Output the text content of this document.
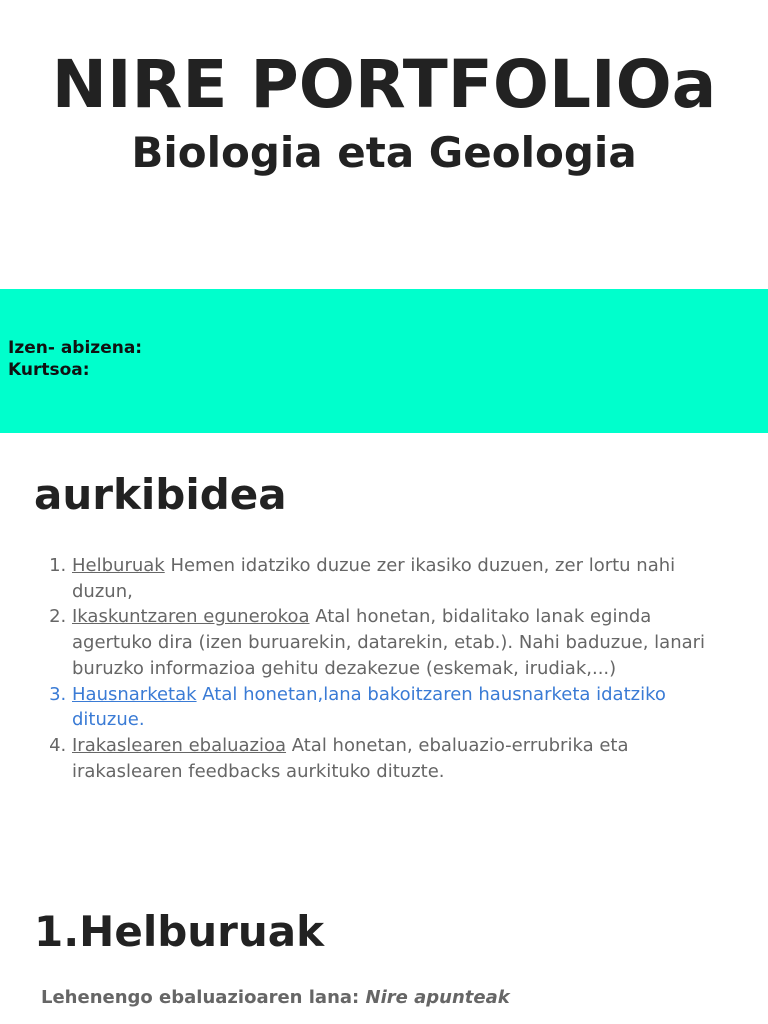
NIRE PORTFOLIOa
Biologia eta Geologia
Izen- abizena:
Kurtsoa:
aurkibidea
1. Helburuak Hemen idatziko duzue zer ikasiko duzuen, zer lortu nahi duzun,
2. Ikaskuntzaren egunerokoa Atal honetan, bidalitako lanak eginda agertuko dira (izen buruarekin, datarekin, etab.). Nahi baduzue, lanari buruzko informazioa gehitu dezakezue (eskemak, irudiak,...)
3. Hausnarketak Atal honetan,lana bakoitzaren hausnarketa idatziko dituzue.
4. Irakaslearen ebaluazioa Atal honetan, ebaluazio-errubrika eta irakaslearen feedbacks aurkituko dituzte.
1.Helburuak

Lehenengo ebaluazioaren lana: Nire apunteak
